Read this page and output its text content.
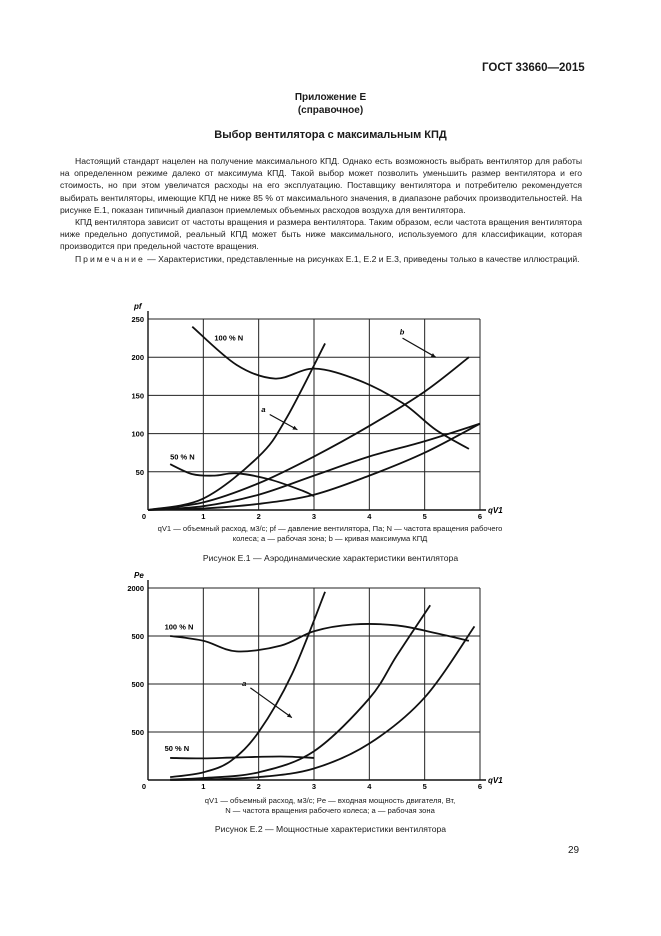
ГОСТ 33660—2015
Приложение Е
(справочное)
Выбор вентилятора с максимальным КПД

Настоящий стандарт нацелен на получение максимального КПД. Однако есть возможность выбрать вентилятор для работы на определенном режиме далеко от максимума КПД. Такой выбор может позволить уменьшить размер вентилятора и его стоимость, но при этом увеличатся расходы на его эксплуатацию. Поставщику вентилятора и потребителю рекомендуется выбирать вентиляторы, имеющие КПД не ниже 85 % от максимального значения, в диапазоне рабочих производительностей. На рисунке Е.1, показан типичный диапазон приемлемых объемных расходов воздуха для вентилятора.

КПД вентилятора зависит от частоты вращения и размера вентилятора. Таким образом, если частота вращения вентилятора ниже предельно допустимой, реальный КПД может быть ниже максимального, используемого для классификации, которая производится при предельной частоте вращения.

Примечание — Характеристики, представленные на рисунках Е.1, Е.2 и Е.3, приведены только в качестве иллюстраций.

0	1	2	3	4	5	6
50
100
150
200
250
pf
qV1
100 % N
50 % N
a
b
0	1	2	3	4	5	6
500
500
500
2000
Pe
qV1
100 % N
50 % N
a
qV1 — объемный расход, м3/с; pf — давление вентилятора, Па; N — частота вращения рабочего
колеса; a — рабочая зона; b — кривая максимума КПД
Рисунок Е.1 — Аэродинамические характеристики вентилятора
qV1 — объемный расход, м3/с; Pe — входная мощность двигателя, Вт,
N — частота вращения рабочего колеса; a — рабочая зона
Рисунок Е.2 — Мощностные характеристики вентилятора
29
